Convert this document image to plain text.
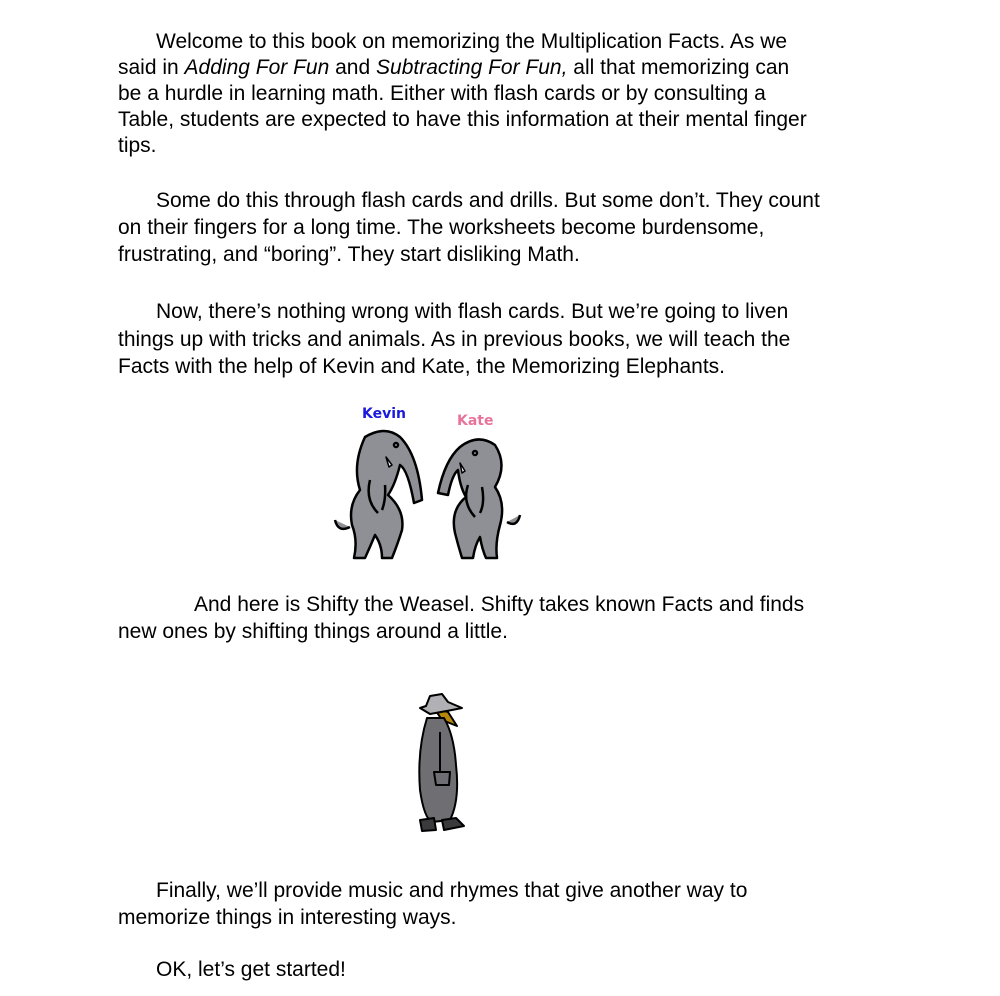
Welcome to this book on memorizing the Multiplication Facts. As we
said in Adding For Fun and Subtracting For Fun, all that memorizing can
be a hurdle in learning math. Either with flash cards or by consulting a
Table, students are expected to have this information at their mental finger
tips.
Some do this through flash cards and drills. But some don’t. They count
on their fingers for a long time. The worksheets become burdensome,
frustrating, and “boring”. They start disliking Math.
Now, there’s nothing wrong with flash cards. But we’re going to liven
things up with tricks and animals. As in previous books, we will teach the
Facts with the help of Kevin and Kate, the Memorizing Elephants.
Kevin	Kate
And here is Shifty the Weasel. Shifty takes known Facts and finds
new ones by shifting things around a little.
Finally, we’ll provide music and rhymes that give another way to
memorize things in interesting ways.
OK, let’s get started!
